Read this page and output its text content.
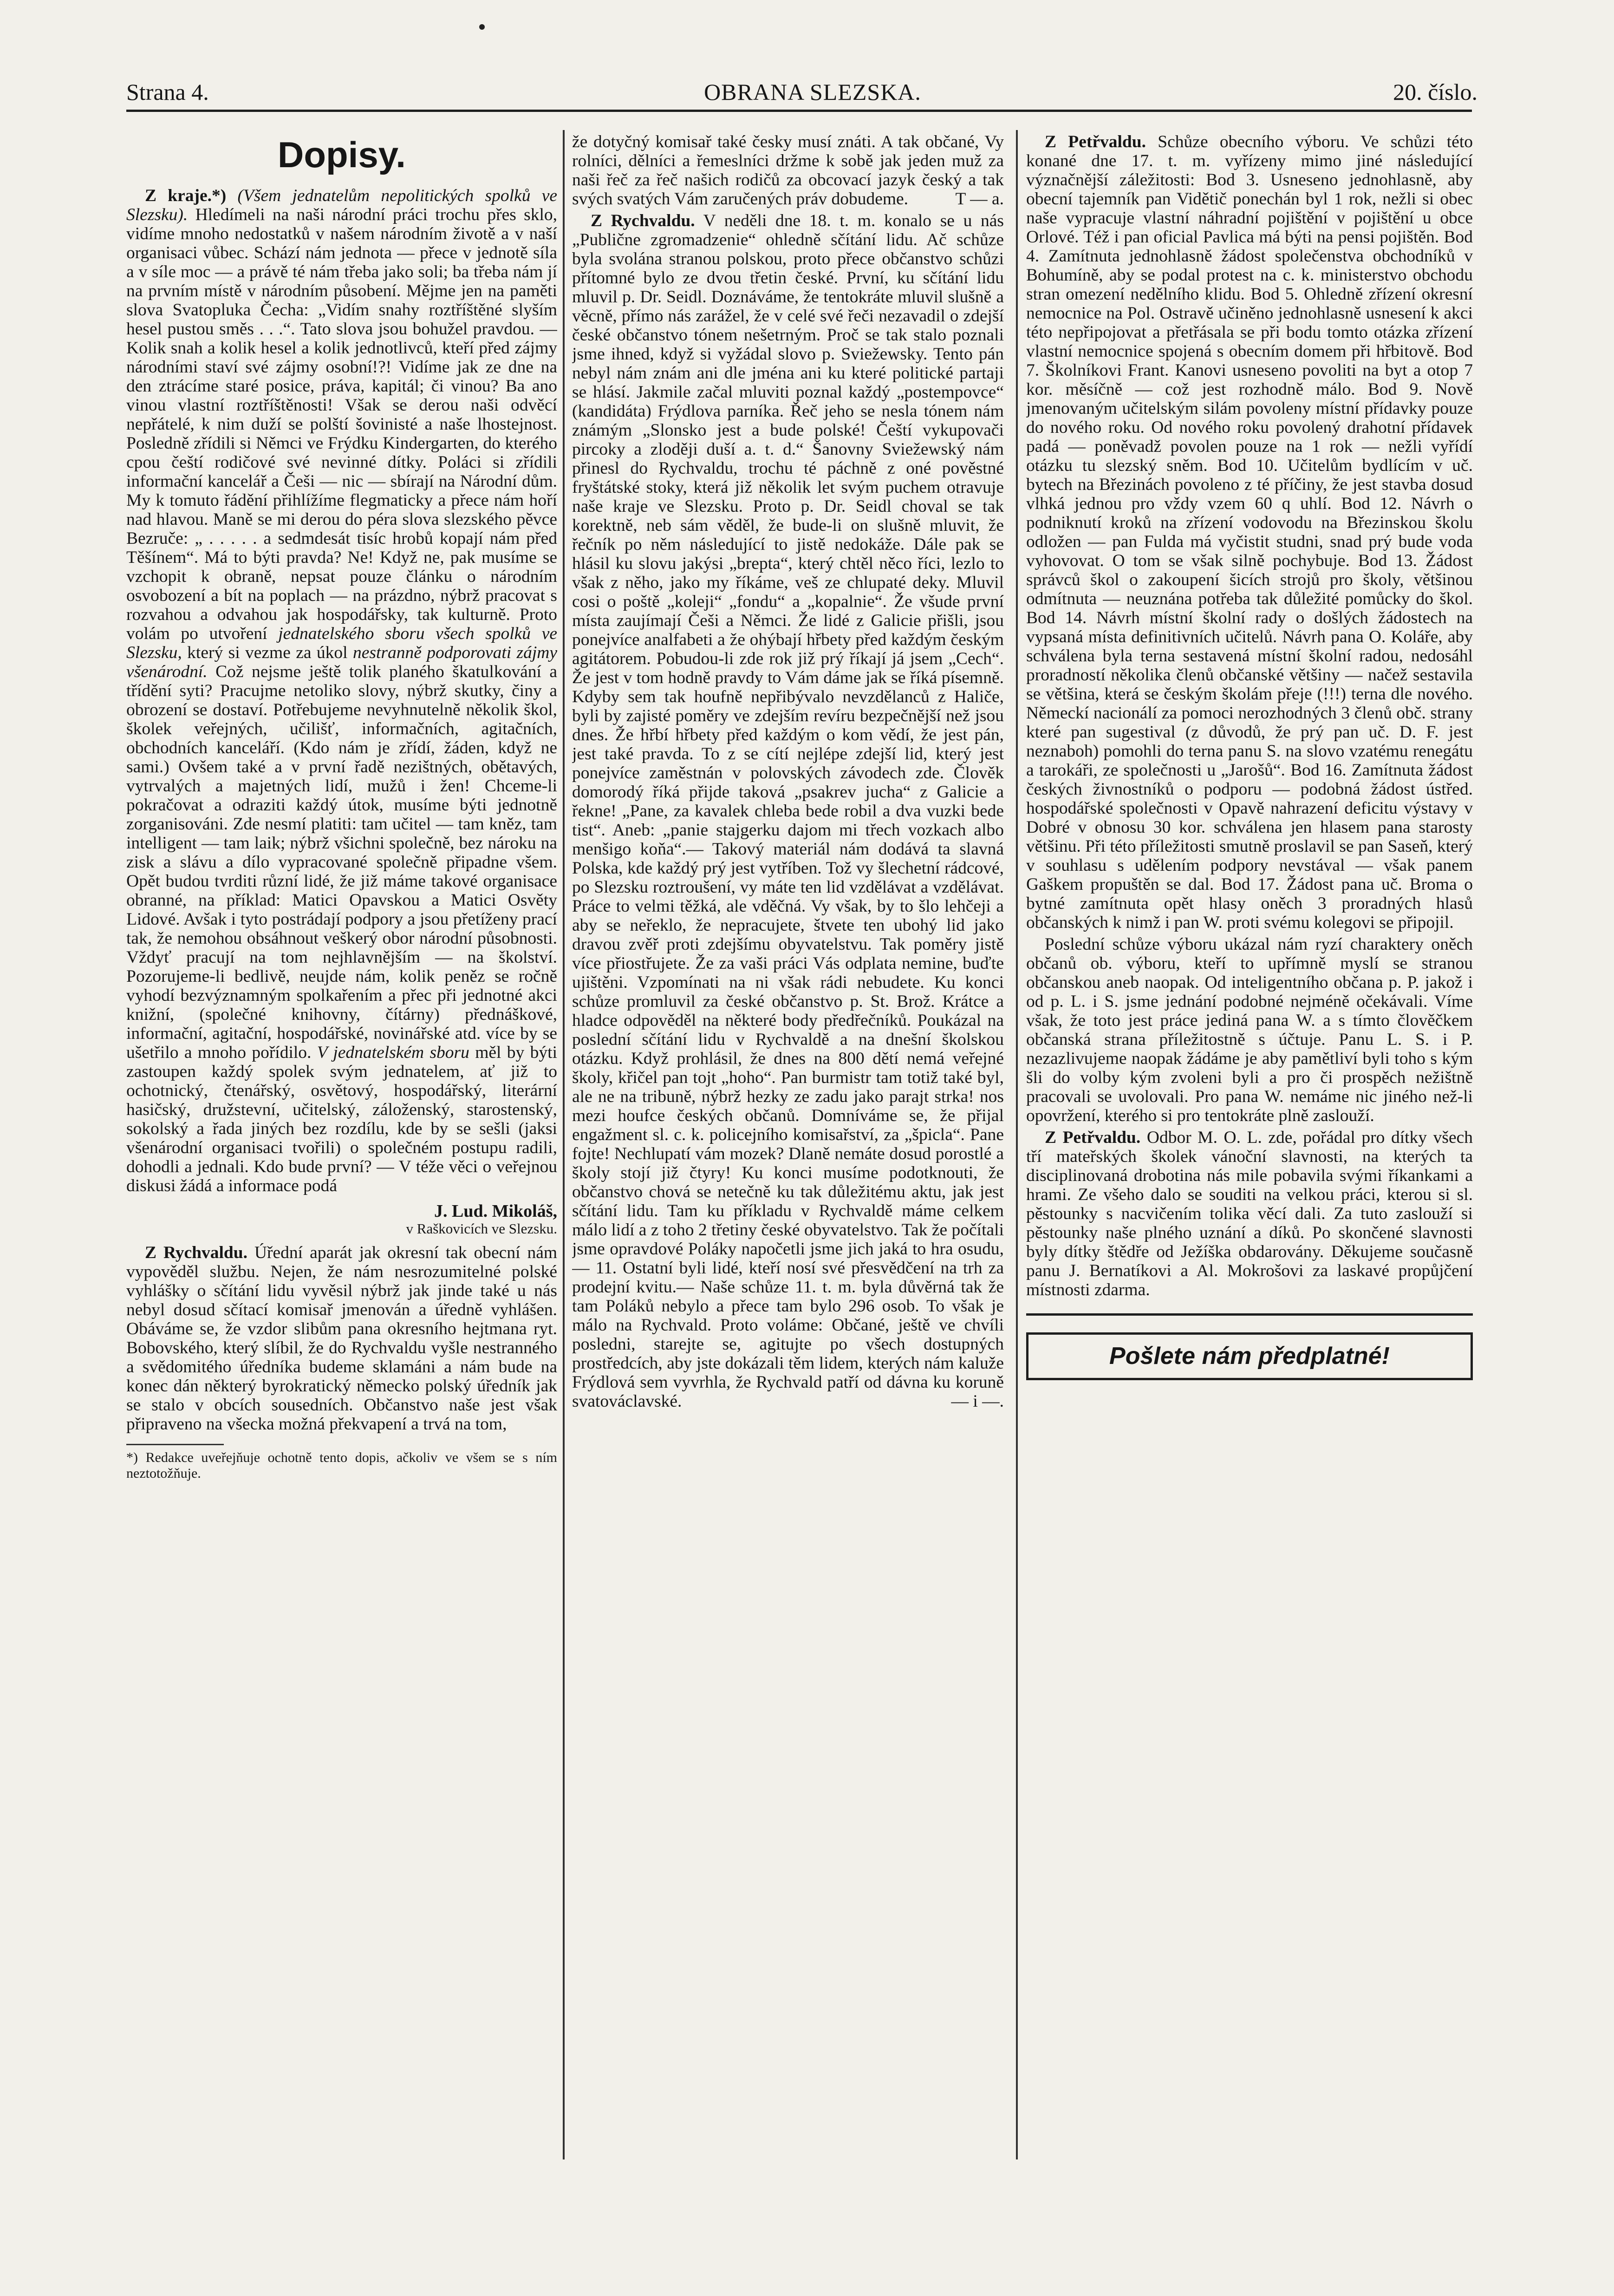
Strana 4.	OBRANA SLEZSKA.	20. číslo.
Dopisy.

Z kraje.*) (Všem jednatelům nepolitických spolků ve Slezsku). Hledímeli na naši národní práci trochu přes sklo, vidíme mnoho nedostatků v našem národním životě a v naší organisaci vůbec. Schází nám jednota — přece v jednotě síla a v síle moc — a právě té nám třeba jako soli; ba třeba nám jí na prvním místě v národním působení. Mějme jen na paměti slova Svatopluka Čecha: „Vidím snahy roztříštěné slyším hesel pustou směs . . .“. Tato slova jsou bohužel pravdou. — Kolik snah a kolik hesel a kolik jednotlivců, kteří před zájmy národními staví své zájmy osobní!?! Vidíme jak ze dne na den ztrácíme staré posice, práva, kapitál; či vinou? Ba ano vinou vlastní roztříštěnosti! Však se derou naši odvěcí nepřátelé, k nim duží se polští šovinisté a naše lhostejnost. Posledně zřídili si Němci ve Frýdku Kindergarten, do kterého cpou čeští rodičové své nevinné dítky. Poláci si zřídili informační kancelář a Češi — nic — sbírají na Národní dům. My k tomuto řádění přihlížíme flegmaticky a přece nám hoří nad hlavou. Maně se mi derou do péra slova slezského pěvce Bezruče: „ . . . . . a sedmdesát tisíc hrobů kopají nám před Těšínem“. Má to býti pravda? Ne! Když ne, pak musíme se vzchopit k obraně, nepsat pouze článku o národním osvobození a bít na poplach — na prázdno, nýbrž pracovat s rozvahou a odvahou jak hospodářsky, tak kulturně. Proto volám po utvoření jednatelského sboru všech spolků ve Slezsku, který si vezme za úkol nestranně podporovati zájmy všenárodní. Což nejsme ještě tolik planého škatulkování a třídění syti? Pracujme netoliko slovy, nýbrž skutky, činy a obrození se dostaví. Potřebujeme nevyhnutelně několik škol, školek veřejných, učilišť, informačních, agitačních, obchodních kanceláří. (Kdo nám je zřídí, žáden, když ne sami.) Ovšem také a v první řadě nezištných, obětavých, vytrvalých a majetných lidí, mužů i žen! Chceme-li pokračovat a odraziti každý útok, musíme býti jednotně zorganisováni. Zde nesmí platiti: tam učitel — tam kněz, tam intelligent — tam laik; nýbrž všichni společně, bez nároku na zisk a slávu a dílo vypracované společně připadne všem. Opět budou tvrditi různí lidé, že již máme takové organisace obranné, na příklad: Matici Opavskou a Matici Osvěty Lidové. Avšak i tyto postrádají podpory a jsou přetíženy prací tak, že nemohou obsáhnout veškerý obor národní působnosti. Vždyť pracují na tom nejhlavnějším — na školství. Pozorujeme-li bedlivě, neujde nám, kolik peněz se ročně vyhodí bezvýznamným spolkařením a přec při jednotné akci knižní, (společné knihovny, čítárny) přednáškové, informační, agitační, hospodářské, novinářské atd. více by se ušetřilo a mnoho pořídilo. V jednatelském sboru měl by býti zastoupen každý spolek svým jednatelem, ať již to ochotnický, čtenářský, osvětový, hospodářský, literární hasičský, družstevní, učitelský, záloženský, starostenský, sokolský a řada jiných bez rozdílu, kde by se sešli (jaksi všenárodní organisaci tvořili) o společném postupu radili, dohodli a jednali. Kdo bude první? — V téže věci o veřejnou diskusi žádá a informace podá

J. Lud. Mikoláš,
v Raškovicích ve Slezsku.

Z Rychvaldu. Úřední aparát jak okresní tak obecní nám vypověděl službu. Nejen, že nám nesrozumitelné polské vyhlášky o sčítání lidu vyvěsil nýbrž jak jinde také u nás nebyl dosud sčítací komisař jmenován a úředně vyhlášen. Obáváme se, že vzdor slibům pana okresního hejtmana ryt. Bobovského, který slíbil, že do Rychvaldu vyšle nestranného a svědomitého úředníka budeme sklamáni a nám bude na konec dán některý byrokratický německo polský úředník jak se stalo v obcích sousedních. Občanstvo naše jest však připraveno na všecka možná překvapení a trvá na tom,

*) Redakce uveřejňuje ochotně tento dopis, ačkoliv ve všem se s ním neztotožňuje.

že dotyčný komisař také česky musí znáti. A tak občané, Vy rolníci, dělníci a řemeslníci držme k sobě jak jeden muž za naši řeč za řeč našich rodičů za obcovací jazyk český a tak svých svatých Vám zaručených práv dobudeme.	T — a.

Z Rychvaldu. V neděli dne 18. t. m. konalo se u nás „Publične zgromadzenie“ ohledně sčítání lidu. Ač schůze byla svolána stranou polskou, proto přece občanstvo schůzi přítomné bylo ze dvou třetin české. První, ku sčítání lidu mluvil p. Dr. Seidl. Doznáváme, že tentokráte mluvil slušně a věcně, přímo nás zarážel, že v celé své řeči nezavadil o zdejší české občanstvo tónem nešetrným. Proč se tak stalo poznali jsme ihned, když si vyžádal slovo p. Sviežewsky. Tento pán nebyl nám znám ani dle jména ani ku které politické partaji se hlásí. Jakmile začal mluviti poznal každý „postempovce“ (kandidáta) Frýdlova parníka. Řeč jeho se nesla tónem nám známým „Slonsko jest a bude polské! Čeští vykupovači pircoky a zloději duší a. t. d.“ Šanovny Sviežewský nám přinesl do Rychvaldu, trochu té páchně z oné pověstné fryštátské stoky, která již několik let svým puchem otravuje naše kraje ve Slezsku. Proto p. Dr. Seidl choval se tak korektně, neb sám věděl, že bude-li on slušně mluvit, že řečník po něm následující to jistě nedokáže. Dále pak se hlásil ku slovu jakýsi „brepta“, který chtěl něco říci, lezlo to však z něho, jako my říkáme, veš ze chlupaté deky. Mluvil cosi o poště „koleji“ „fondu“ a „kopalnie“. Že všude první místa zaujímají Češi a Němci. Že lidé z Galicie přišli, jsou ponejvíce analfabeti a že ohýbají hřbety před každým českým agitátorem. Pobudou-li zde rok již prý říkají já jsem „Cech“. Že jest v tom hodně pravdy to Vám dáme jak se říká písemně. Kdyby sem tak houfně nepřibývalo nevzdělanců z Haliče, byli by zajisté poměry ve zdejším revíru bezpečnější než jsou dnes. Že hřbí hřbety před každým o kom vědí, že jest pán, jest také pravda. To z se cítí nejlépe zdejší lid, který jest ponejvíce zaměstnán v polovských závodech zde. Člověk domorodý říká přijde taková „psakrev jucha“ z Galicie a řekne! „Pane, za kavalek chleba bede robil a dva vuzki bede tist“. Aneb: „panie stajgerku dajom mi třech vozkach albo menšigo koňa“.— Takový materiál nám dodává ta slavná Polska, kde každý prý jest vytříben. Tož vy šlechetní rádcové, po Slezsku roztroušení, vy máte ten lid vzdělávat a vzdělávat. Práce to velmi těžká, ale vděčná. Vy však, by to šlo lehčeji a aby se neřeklo, že nepracujete, štvete ten ubohý lid jako dravou zvěř proti zdejšímu obyvatelstvu. Tak poměry jistě více přiostřujete. Že za vaši práci Vás odplata nemine, buďte ujištěni. Vzpomínati na ni však rádi nebudete. Ku konci schůze promluvil za české občanstvo p. St. Brož. Krátce a hladce odpověděl na některé body předřečníků. Poukázal na poslední sčítání lidu v Rychvaldě a na dnešní školskou otázku. Když prohlásil, že dnes na 800 dětí nemá veřejné školy, křičel pan tojt „hoho“. Pan burmistr tam totiž také byl, ale ne na tribuně, nýbrž hezky ze zadu jako parajt strka! nos mezi houfce českých občanů. Domníváme se, že přijal engažment sl. c. k. policejního komisařství, za „špicla“. Pane fojte! Nechlupatí vám mozek? Dlaně nemáte dosud porostlé a školy stojí již čtyry! Ku konci musíme podotknouti, že občanstvo chová se netečně ku tak důležitému aktu, jak jest sčítání lidu. Tam ku příkladu v Rychvaldě máme celkem málo lidí a z toho 2 třetiny české obyvatelstvo. Tak že počítali jsme opravdové Poláky napočetli jsme jich jaká to hra osudu,— 11. Ostatní byli lidé, kteří nosí své přesvědčení na trh za prodejní kvitu.— Naše schůze 11. t. m. byla důvěrná tak že tam Poláků nebylo a přece tam bylo 296 osob. To však je málo na Rychvald. Proto voláme: Občané, ještě ve chvíli posledni, starejte se, agitujte po všech dostupných prostředcích, aby jste dokázali těm lidem, kterých nám kaluže Frýdlová sem vyvrhla, že Rychvald patří od dávna ku koruně svatováclavské.	— i —.

Z Petřvaldu. Schůze obecního výboru. Ve schůzi této konané dne 17. t. m. vyřízeny mimo jiné následující význačnější záležitosti: Bod 3. Usneseno jednohlasně, aby obecní tajemník pan Vidětič ponechán byl 1 rok, nežli si obec naše vypracuje vlastní náhradní pojištění v pojištění u obce Orlové. Též i pan oficial Pavlica má býti na pensi pojištěn. Bod 4. Zamítnuta jednohlasně žádost společenstva obchodníků v Bohumíně, aby se podal protest na c. k. ministerstvo obchodu stran omezení nedělního klidu. Bod 5. Ohledně zřízení okresní nemocnice na Pol. Ostravě učiněno jednohlasně usnesení k akci této nepřipojovat a přetřásala se při bodu tomto otázka zřízení vlastní nemocnice spojená s obecním domem při hřbitově. Bod 7. Školníkovi Frant. Kanovi usneseno povoliti na byt a otop 7 kor. měsíčně — což jest rozhodně málo. Bod 9. Nově jmenovaným učitelským silám povoleny místní přídavky pouze do nového roku. Od nového roku povolený drahotní přídavek padá — poněvadž povolen pouze na 1 rok — nežli vyřídí otázku tu slezský sněm. Bod 10. Učitelům bydlícím v uč. bytech na Březinách povoleno z té příčiny, že jest stavba dosud vlhká jednou pro vždy vzem 60 q uhlí. Bod 12. Návrh o podniknutí kroků na zřízení vodovodu na Březinskou školu odložen — pan Fulda má vyčistit studni, snad prý bude voda vyhovovat. O tom se však silně pochybuje. Bod 13. Žádost správců škol o zakoupení šicích strojů pro školy, většinou odmítnuta — neuznána potřeba tak důležité pomůcky do škol. Bod 14. Návrh místní školní rady o došlých žádostech na vypsaná místa definitivních učitelů. Návrh pana O. Koláře, aby schválena byla terna sestavená místní školní radou, nedosáhl proradností několika členů občanské většiny — načež sestavila se většina, která se českým školám přeje (!!!) terna dle nového. Německí nacionálí za pomoci nerozhodných 3 členů obč. strany které pan sugestival (z důvodů, že prý pan uč. D. F. jest neznaboh) pomohli do terna panu S. na slovo vzatému renegátu a tarokáři, ze společnosti u „Jarošů“. Bod 16. Zamítnuta žádost českých živnostníků o podporu — podobná žádost ústřed. hospodářské společnosti v Opavě nahrazení deficitu výstavy v Dobré v obnosu 30 kor. schválena jen hlasem pana starosty většinu. Při této příležitosti smutně proslavil se pan Saseň, který v souhlasu s udělením podpory nevstával — však panem Gaškem propuštěn se dal. Bod 17. Žádost pana uč. Broma o bytné zamítnuta opět hlasy oněch 3 proradných hlasů občanských k nimž i pan W. proti svému kolegovi se připojil.

Poslední schůze výboru ukázal nám ryzí charaktery oněch občanů ob. výboru, kteří to upřímně myslí se stranou občanskou aneb naopak. Od inteligentního občana p. P. jakož i od p. L. i S. jsme jednání podobné nejméně očekávali. Víme však, že toto jest práce jediná pana W. a s tímto člověčkem občanská strana příležitostně s účtuje. Panu L. S. i P. nezazlivujeme naopak žádáme je aby pamětliví byli toho s kým šli do volby kým zvoleni byli a pro či prospěch nežištně pracovali se uvolovali. Pro pana W. nemáme nic jiného než-li opovržení, kterého si pro tentokráte plně zaslouží.

Z Petřvaldu. Odbor M. O. L. zde, pořádal pro dítky všech tří mateřských školek vánoční slavnosti, na kterých ta disciplinovaná drobotina nás mile pobavila svými říkankami a hrami. Ze všeho dalo se souditi na velkou práci, kterou si sl. pěstounky s nacvičením tolika věcí dali. Za tuto zaslouží si pěstounky naše plného uznání a díků. Po skončené slavnosti byly dítky štědře od Ježíška obdarovány. Děkujeme současně panu J. Bernatíkovi a Al. Mokrošovi za laskavé propůjčení místnosti zdarma.

Pošlete nám předplatné!
